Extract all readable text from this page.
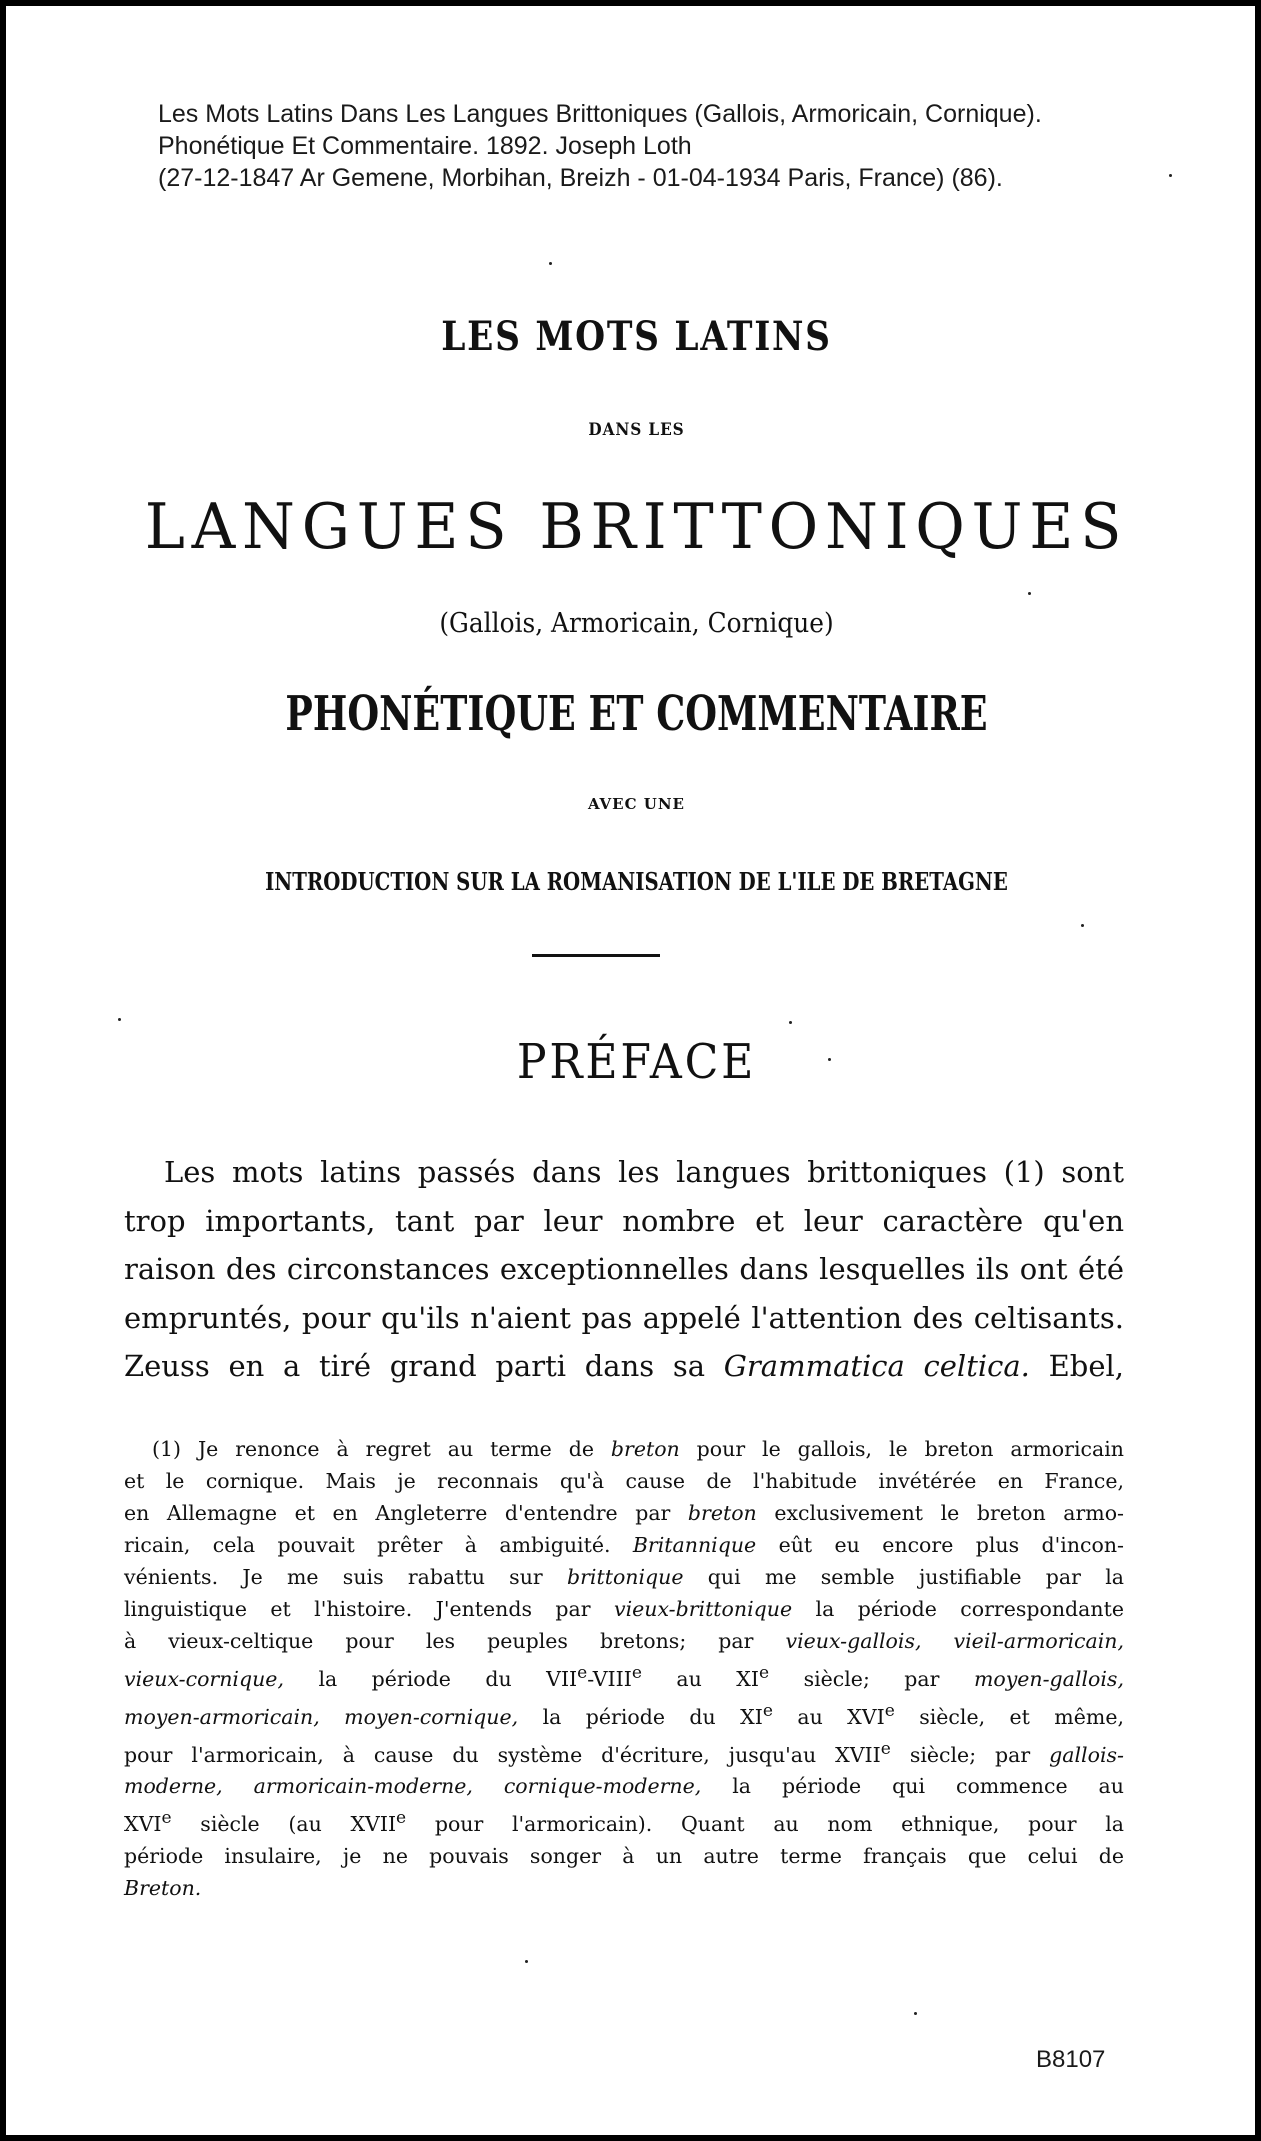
Les Mots Latins Dans Les Langues Brittoniques (Gallois, Armoricain, Cornique).
Phonétique Et Commentaire. 1892. Joseph Loth
(27-12-1847 Ar Gemene, Morbihan, Breizh - 01-04-1934 Paris, France) (86).
LES MOTS LATINS
DANS LES
LANGUES BRITTONIQUES
(Gallois, Armoricain, Cornique)
PHONÉTIQUE ET COMMENTAIRE
AVEC UNE
INTRODUCTION SUR LA ROMANISATION DE L'ILE DE BRETAGNE
PRÉFACE
Les mots latins passés dans les langues brittoniques (1) sont
trop importants, tant par leur nombre et leur caractère qu'en
raison des circonstances exceptionnelles dans lesquelles ils ont été
empruntés, pour qu'ils n'aient pas appelé l'attention des celtisants.
Zeuss en a tiré grand parti dans sa Grammatica celtica. Ebel,
(1) Je renonce à regret au terme de breton pour le gallois, le breton armoricain
et le cornique. Mais je reconnais qu'à cause de l'habitude invétérée en France,
en Allemagne et en Angleterre d'entendre par breton exclusivement le breton armo-
ricain, cela pouvait prêter à ambiguité. Britannique eût eu encore plus d'incon-
vénients. Je me suis rabattu sur brittonique qui me semble justifiable par la
linguistique et l'histoire. J'entends par vieux-brittonique la période correspondante
à vieux-celtique pour les peuples bretons; par vieux-gallois, vieil-armoricain,
vieux-cornique, la période du VIIe-VIIIe au XIe siècle; par moyen-gallois,
moyen-armoricain, moyen-cornique, la période du XIe au XVIe siècle, et même,
pour l'armoricain, à cause du système d'écriture, jusqu'au XVIIe siècle; par gallois-
moderne, armoricain-moderne, cornique-moderne, la période qui commence au
XVIe siècle (au XVIIe pour l'armoricain). Quant au nom ethnique, pour la
période insulaire, je ne pouvais songer à un autre terme français que celui de
Breton.
B8107
